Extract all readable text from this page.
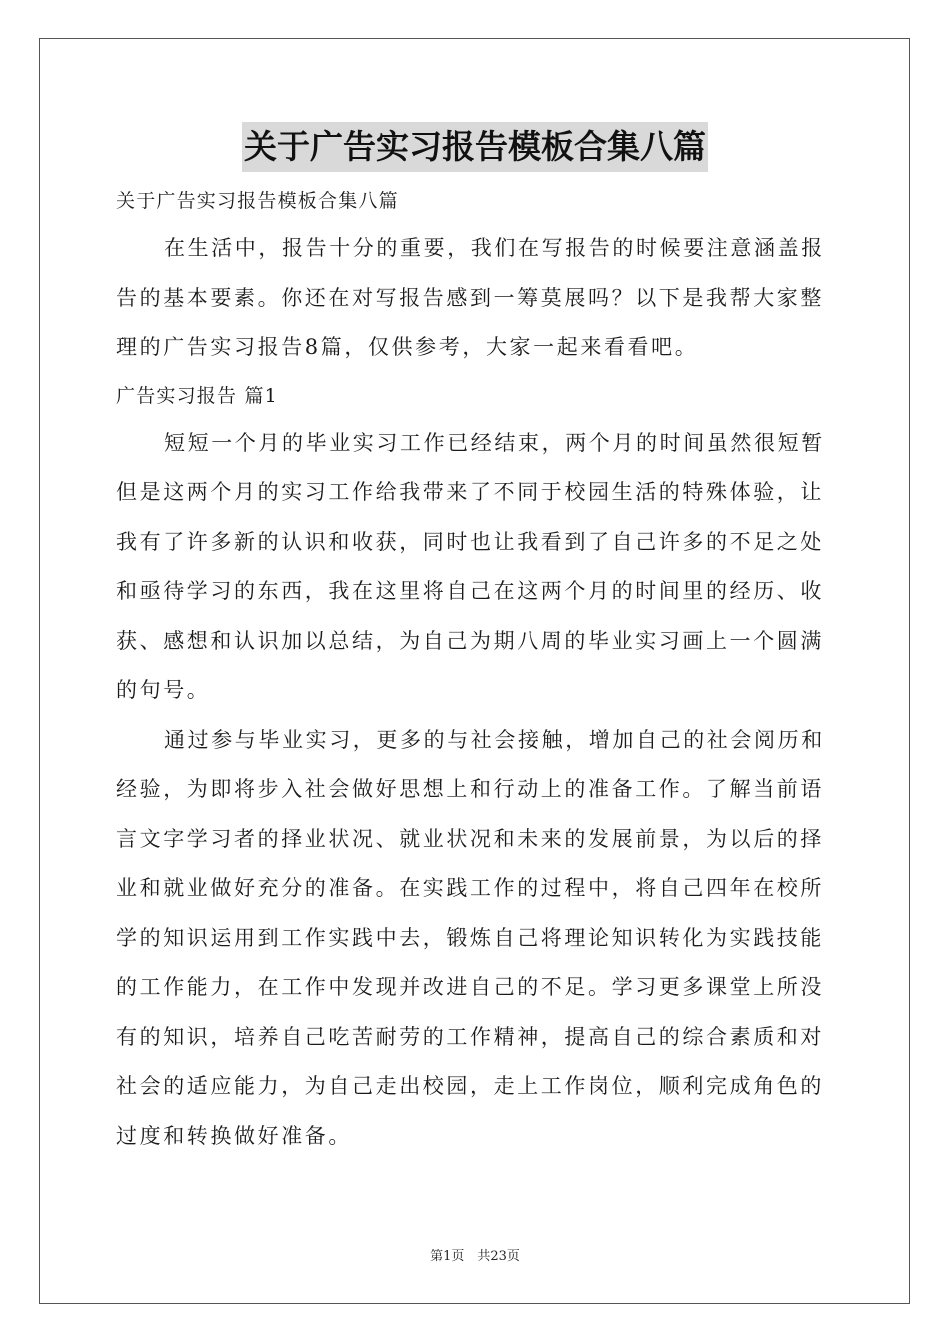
关于广告实习报告模板合集八篇

关于广告实习报告模板合集八篇

在生活中，报告十分的重要，我们在写报告的时候要注意涵盖报

告的基本要素。你还在对写报告感到一筹莫展吗？以下是我帮大家整

理的广告实习报告8篇，仅供参考，大家一起来看看吧。

广告实习报告 篇1

短短一个月的毕业实习工作已经结束，两个月的时间虽然很短暂

但是这两个月的实习工作给我带来了不同于校园生活的特殊体验，让

我有了许多新的认识和收获，同时也让我看到了自己许多的不足之处

和亟待学习的东西，我在这里将自己在这两个月的时间里的经历、收

获、感想和认识加以总结，为自己为期八周的毕业实习画上一个圆满

的句号。

通过参与毕业实习，更多的与社会接触，增加自己的社会阅历和

经验，为即将步入社会做好思想上和行动上的准备工作。了解当前语

言文字学习者的择业状况、就业状况和未来的发展前景，为以后的择

业和就业做好充分的准备。在实践工作的过程中，将自己四年在校所

学的知识运用到工作实践中去，锻炼自己将理论知识转化为实践技能

的工作能力，在工作中发现并改进自己的不足。学习更多课堂上所没

有的知识，培养自己吃苦耐劳的工作精神，提高自己的综合素质和对

社会的适应能力，为自己走出校园，走上工作岗位，顺利完成角色的

过度和转换做好准备。

第1页　共23页
